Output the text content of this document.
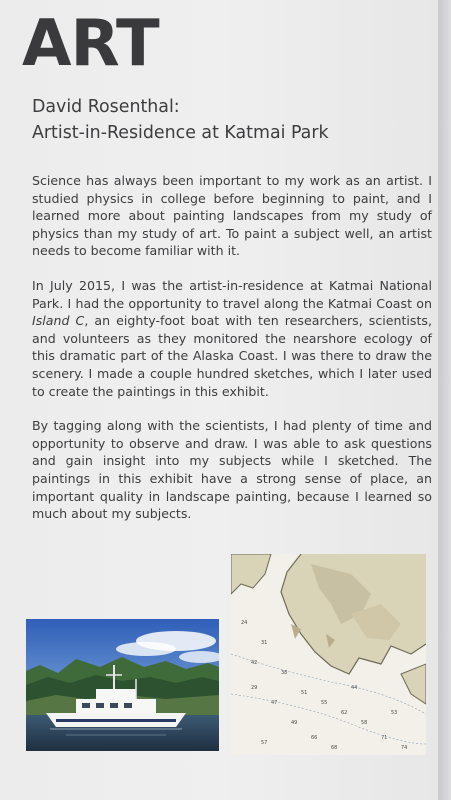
ART
David Rosenthal:
Artist-in-Residence at Katmai Park

Science has always been important to my work as an artist. I studied physics in college before beginning to paint, and I learned more about painting landscapes from my study of physics than my study of art. To paint a subject well, an artist needs to become familiar with it.

In July 2015, I was the artist-in-residence at Katmai National Park. I had the opportunity to travel along the Katmai Coast on Island C, an eighty-foot boat with ten researchers, scientists, and volunteers as they monitored the nearshore ecology of this dramatic part of the Alaska Coast. I was there to draw the scenery. I made a couple hundred sketches, which I later used to create the paintings in this exhibit.

By tagging along with the scientists, I had plenty of time and opportunity to observe and draw. I was able to ask questions and gain insight into my subjects while I sketched. The paintings in this exhibit have a strong sense of place, an important quality in landscape painting, because I learned so much about my subjects.

24
31
42
38
51
47	55
62
58
49
66	71
44
53
29
68
57
74
